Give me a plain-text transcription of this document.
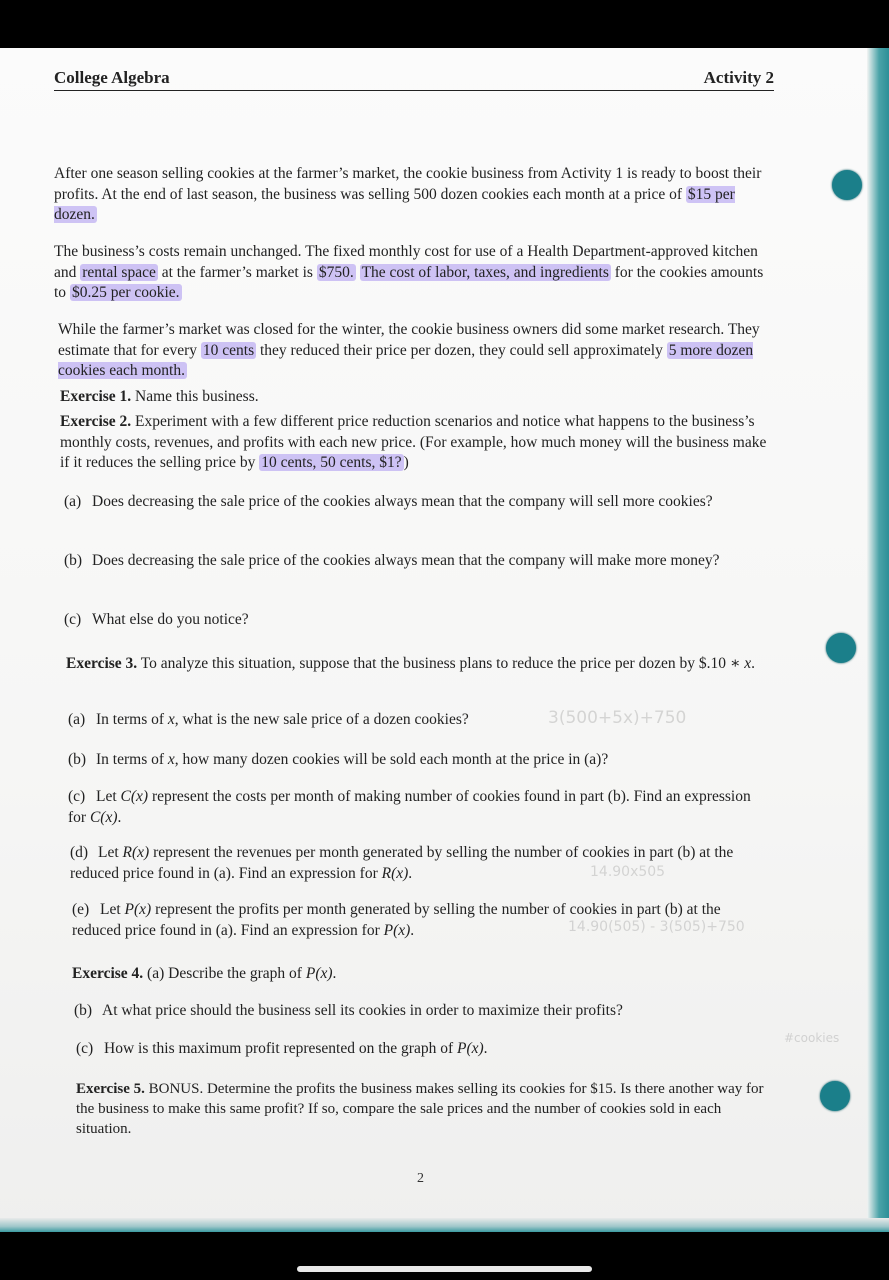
College Algebra	Activity 2

After one season selling cookies at the farmer’s market, the cookie business from Activity 1 is ready to boost their profits. At the end of last season, the business was selling 500 dozen cookies each month at a price of $15 per dozen.

The business’s costs remain unchanged. The fixed monthly cost for use of a Health Department-approved kitchen and rental space at the farmer’s market is $750. The cost of labor, taxes, and ingredients for the cookies amounts to $0.25 per cookie.

While the farmer’s market was closed for the winter, the cookie business owners did some market research. They estimate that for every 10 cents they reduced their price per dozen, they could sell approximately 5 more dozen cookies each month.

Exercise 1. Name this business.

Exercise 2. Experiment with a few different price reduction scenarios and notice what happens to the business’s monthly costs, revenues, and profits with each new price. (For example, how much money will the business make if it reduces the selling price by 10 cents, 50 cents, $1? )

(a) Does decreasing the sale price of the cookies always mean that the company will sell more cookies?
(b) Does decreasing the sale price of the cookies always mean that the company will make more money?
(c) What else do you notice?

Exercise 3. To analyze this situation, suppose that the business plans to reduce the price per dozen by $.10 ∗ x.

(a) In terms of x, what is the new sale price of a dozen cookies?
(b) In terms of x, how many dozen cookies will be sold each month at the price in (a)?
(c) Let C(x) represent the costs per month of making number of cookies found in part (b). Find an expression for C(x).
(d) Let R(x) represent the revenues per month generated by selling the number of cookies in part (b) at the reduced price found in (a). Find an expression for R(x).
(e) Let P(x) represent the profits per month generated by selling the number of cookies in part (b) at the reduced price found in (a). Find an expression for P(x).

Exercise 4. (a) Describe the graph of P(x).

(b) At what price should the business sell its cookies in order to maximize their profits?
(c) How is this maximum profit represented on the graph of P(x).

Exercise 5. BONUS. Determine the profits the business makes selling its cookies for $15. Is there another way for the business to make this same profit? If so, compare the sale prices and the number of cookies sold in each situation.

3(500+5x)+750
14.90x505
14.90(505) - 3(505)+750
#cookies
2
